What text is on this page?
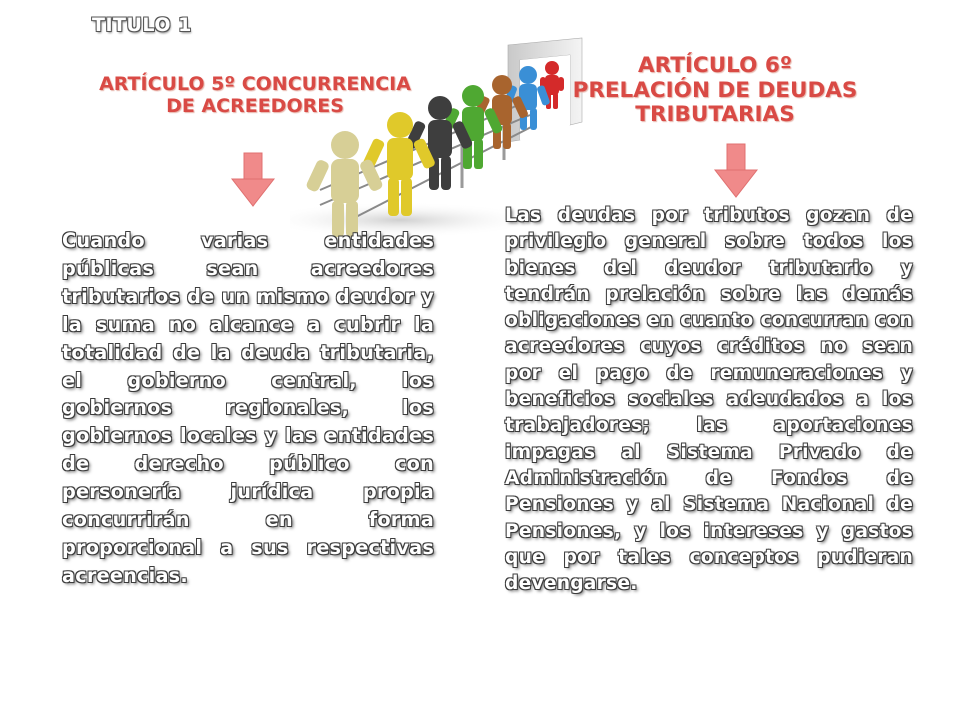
TITULO 1
ARTÍCULO 5º CONCURRENCIA
DE ACREEDORES
ARTÍCULO 6º
PRELACIÓN DE DEUDAS
TRIBUTARIAS
Cuando varias entidades públicas sean acreedores tributarios de un mismo deudor y la suma no alcance a cubrir la totalidad de la deuda tributaria, el gobierno central, los gobiernos regionales, los gobiernos locales y las entidades de derecho público con personería jurídica propia concurrirán en forma proporcional a sus respectivas acreencias.
Las deudas por tributos gozan de privilegio general sobre todos los bienes del deudor tributario y tendrán prelación sobre las demás obligaciones en cuanto concurran con acreedores cuyos créditos no sean por el pago de remuneraciones y beneficios sociales adeudados a los trabajadores; las aportaciones impagas al Sistema Privado de Administración de Fondos de Pensiones y al Sistema Nacional de Pensiones, y los intereses y gastos que por tales conceptos pudieran devengarse.
